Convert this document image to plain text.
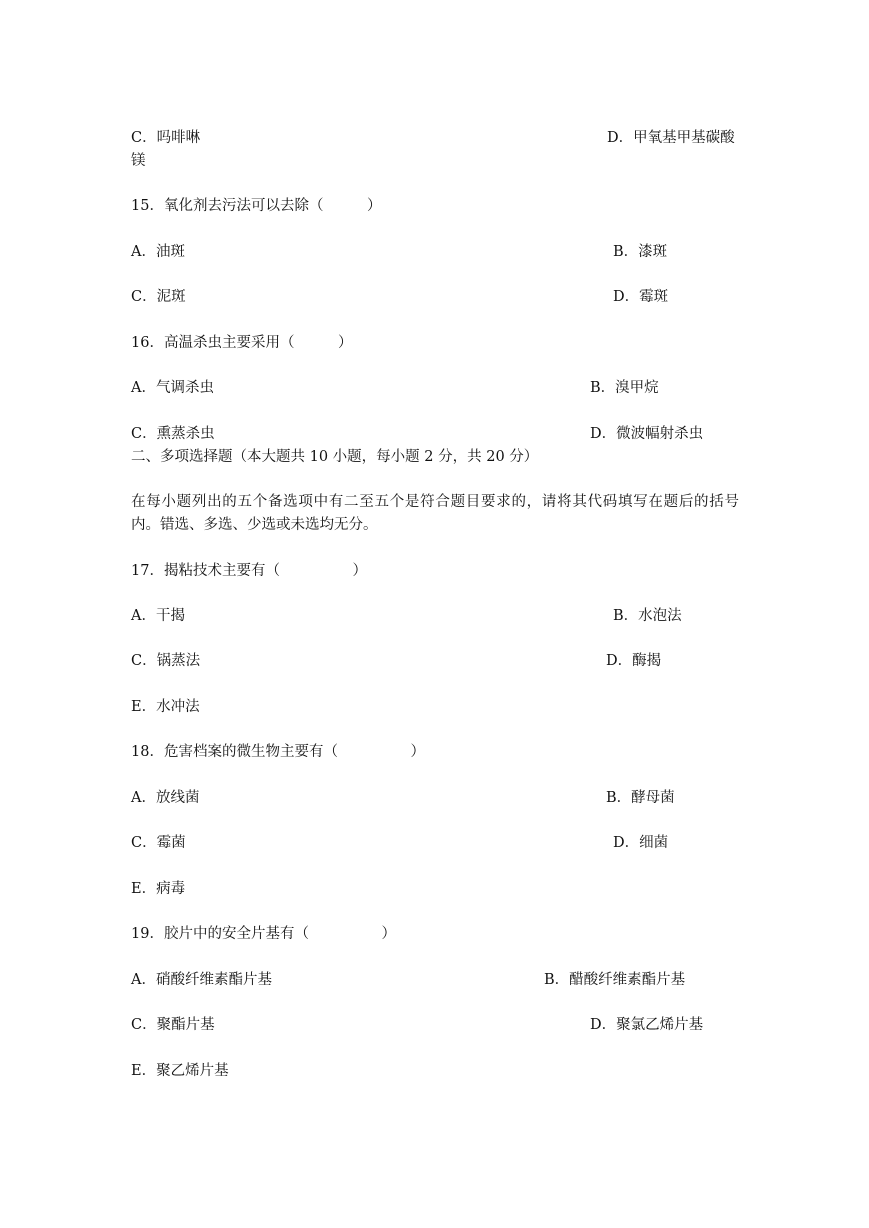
C．吗啡啉	D．甲氧基甲基碳酸
镁
15．氧化剂去污法可以去除（　　　）
A．油斑	B．漆斑
C．泥斑	D．霉斑
16．高温杀虫主要采用（　　　）
A．气调杀虫	B．溴甲烷
C．熏蒸杀虫	D．微波幅射杀虫
二、多项选择题（本大题共 10 小题，每小题 2 分，共 20 分）
在每小题列出的五个备选项中有二至五个是符合题目要求的，请将其代码填写在题后的括号内。错选、多选、少选或未选均无分。
17．揭粘技术主要有（　　　　　）
A．干揭	B．水泡法
C．锅蒸法	D．酶揭
E．水冲法
18．危害档案的微生物主要有（　　　　　）
A．放线菌	B．酵母菌
C．霉菌	D．细菌
E．病毒
19．胶片中的安全片基有（　　　　　）
A．硝酸纤维素酯片基	B．醋酸纤维素酯片基
C．聚酯片基	D．聚氯乙烯片基
E．聚乙烯片基
